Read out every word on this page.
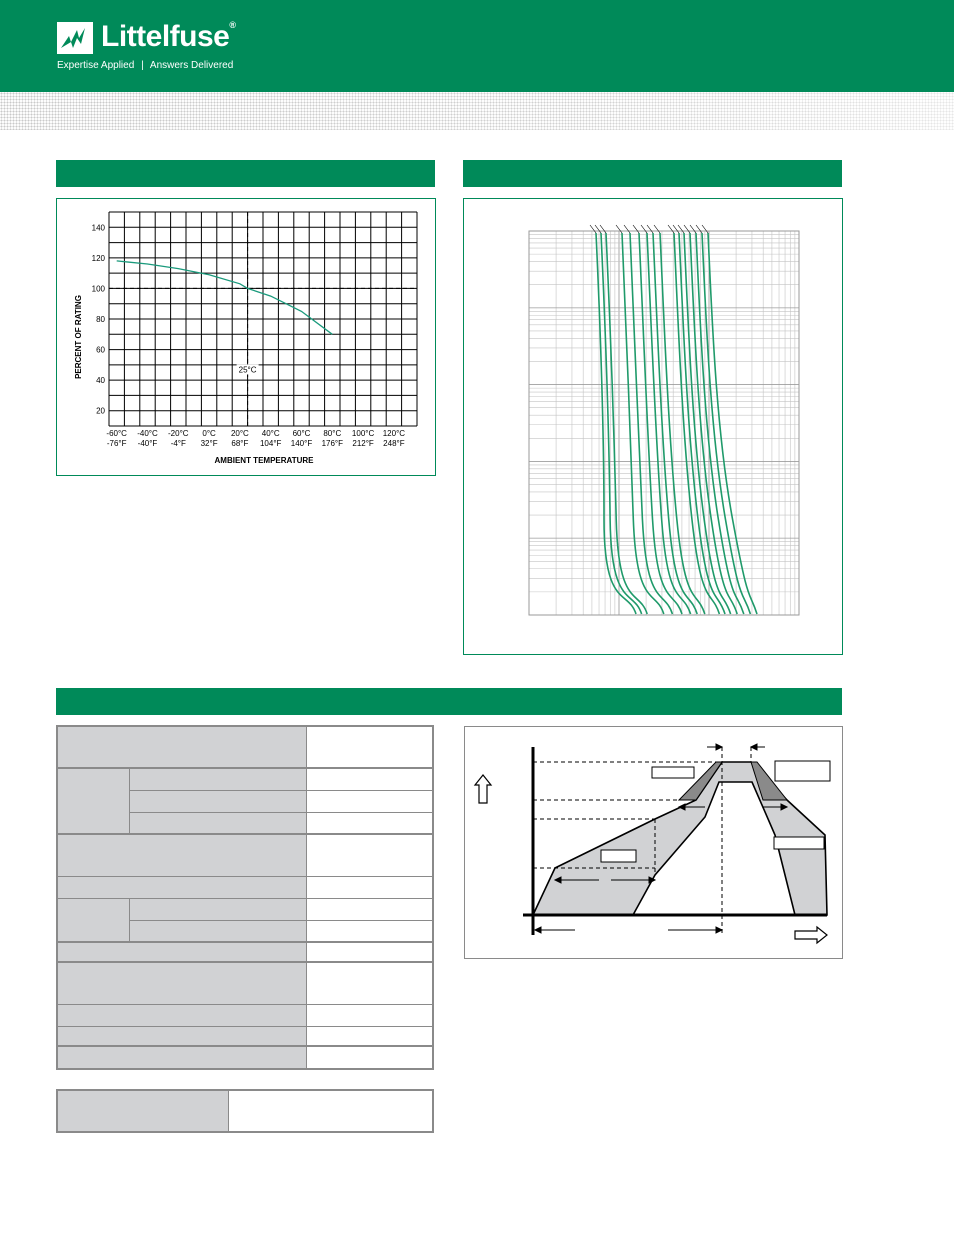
Littelfuse®
Expertise Applied | Answers Delivered
20
40
60
80
100
120
140
-60°C
-76°F
-40°C
-40°F
-20°C
-4°F
0°C
32°F
20°C
68°F
40°C
104°F
60°C
140°F
80°C
176°F
100°C
212°F
120°C
248°F
25°C
PERCENT OF RATING
AMBIENT TEMPERATURE
